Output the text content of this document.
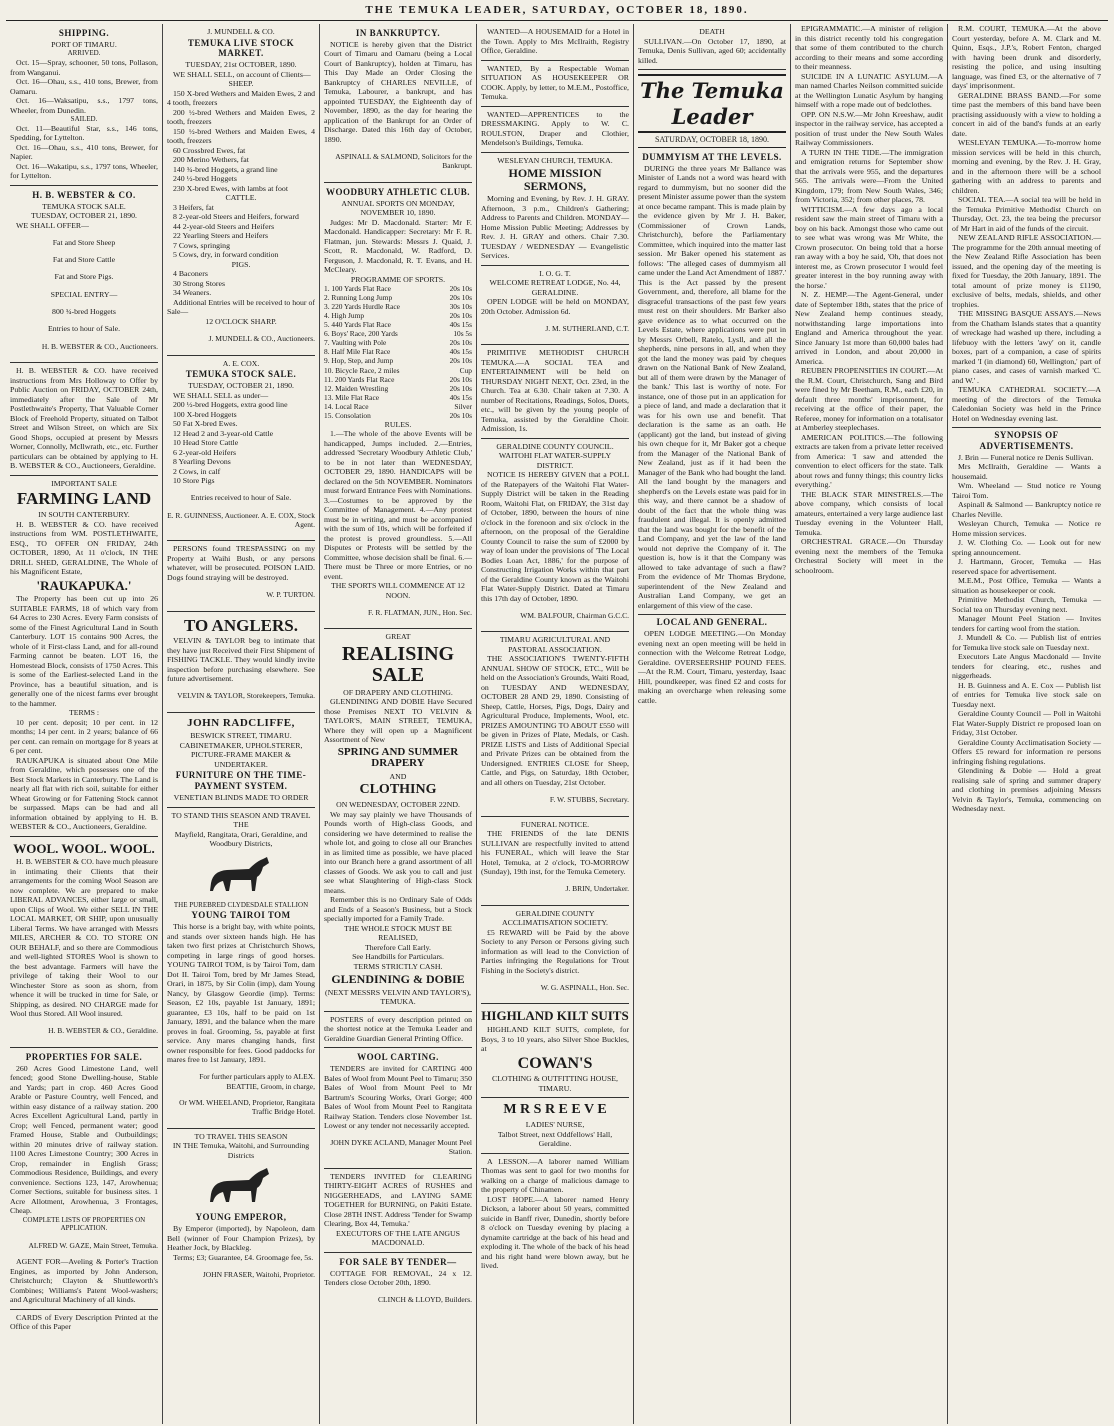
THE TEMUKA LEADER, SATURDAY, OCTOBER 18, 1890.
SHIPPING.
PORT OF TIMARU.
ARRIVED.

Oct. 15—Spray, schooner, 50 tons, Pollason, from Wanganui.

Oct. 16—Ohau, s.s., 410 tons, Brewer, from Oamaru.

Oct. 16—Waksatipu, s.s., 1797 tons, Wheeler, from Dunedin.

SAILED.

Oct. 11—Beautiful Star, s.s., 146 tons, Spedding, for Lyttelton.

Oct. 16—Ohau, s.s., 410 tons, Brewer, for Napier.

Oct. 16—Wakatipu, s.s., 1797 tons, Wheeler, for Lyttelton.

H. B. WEBSTER & CO.
TEMUKA STOCK SALE.
TUESDAY, OCTOBER 21, 1890.

WE SHALL OFFER—

Fat and Store Sheep

Fat and Store Cattle

Fat and Store Pigs.

SPECIAL ENTRY—

800 ¾-bred Hoggets

Entries to hour of Sale.

H. B. WEBSTER & CO., Auctioneers.

H. B. WEBSTER & CO. have received instructions from Mrs Holloway to Offer by Public Auction on FRIDAY, OCTOBER 24th, immediately after the Sale of Mr Postlethwaite's Property, That Valuable Corner Block of Freehold Property, situated on Talbot Street and Wilson Street, on which are Six Good Shops, occupied at present by Messrs Worner, Connolly, McIlwrath, etc., etc. Further particulars can be obtained by applying to H. B. WEBSTER & CO., Auctioneers, Geraldine.

IMPORTANT SALE
FARMING LAND
IN SOUTH CANTERBURY.

H. B. WEBSTER & CO. have received instructions from WM. POSTLETHWAITE, ESQ., TO OFFER ON FRIDAY, 24th OCTOBER, 1890, At 11 o'clock, IN THE DRILL SHED, GERALDINE, The Whole of his Magnificent Estate,

'RAUKAPUKA.'

The Property has been cut up into 26 SUITABLE FARMS, 18 of which vary from 64 Acres to 230 Acres. Every Farm consists of some of the Finest Agricultural Land in South Canterbury. LOT 15 contains 900 Acres, the whole of it First-class Land, and for all-round Farming cannot be beaten. LOT 16, the Homestead Block, consists of 1750 Acres. This is some of the Earliest-selected Land in the Province, has a beautiful situation, and is generally one of the nicest farms ever brought to the hammer.

TERMS :

10 per cent. deposit; 10 per cent. in 12 months; 14 per cent. in 2 years; balance of 66 per cent. can remain on mortgage for 8 years at 6 per cent.

RAUKAPUKA is situated about One Mile from Geraldine, which possesses one of the Best Stock Markets in Canterbury. The Land is nearly all flat with rich soil, suitable for either Wheat Growing or for Fattening Stock cannot be surpassed. Maps can be had and all information obtained by applying to H. B. WEBSTER & CO., Auctioneers, Geraldine.

WOOL. WOOL. WOOL.

H. B. WEBSTER & CO. have much pleasure in intimating their Clients that their arrangements for the coming Wool Season are now complete. We are prepared to make LIBERAL ADVANCES, either large or small, upon Clips of Wool. We either SELL IN THE LOCAL MARKET, OR SHIP, upon unusually Liberal Terms. We have arranged with Messrs MILES, ARCHER & CO. TO STORE ON OUR BEHALF, and so there are Commodious and well-lighted STORES Wool is shown to the best advantage. Farmers will have the privilege of taking their Wool to our Winchester Store as soon as shorn, from whence it will be trucked in time for Sale, or Shipping, as desired. NO CHARGE made for Wool thus Stored. All Wool insured.

H. B. WEBSTER & CO., Geraldine.

PROPERTIES FOR SALE.

260 Acres Good Limestone Land, well fenced; good Stone Dwelling-house, Stable and Yards; part in crop. 460 Acres Good Arable or Pasture Country, well Fenced, and within easy distance of a railway station. 200 Acres Excellent Agricultural Land, partly in Crop; well Fenced, permanent water; good Framed House, Stable and Outbuildings; within 20 minutes drive of railway station. 1100 Acres Limestone Country; 300 Acres in Crop, remainder in English Grass; Commodious Residence, Buildings, and every convenience. Sections 123, 147, Arowhenua; Corner Sections, suitable for business sites. 1 Acre Allotment, Arowhenua, 3 Frontages, Cheap.

COMPLETE LISTS OF PROPERTIES ON APPLICATION.

ALFRED W. GAZE, Main Street, Temuka.

AGENT FOR—Aveling & Porter's Traction Engines, as imported by John Anderson, Christchurch; Clayton & Shuttleworth's Combines; Williams's Patent Wool-washers; and Agricultural Machinery of all kinds.

CARDS of Every Description Printed at the Office of this Paper

J. MUNDELL & CO.
TEMUKA LIVE STOCK MARKET.
TUESDAY, 21st OCTOBER, 1890.

WE SHALL SELL, on account of Clients—

SHEEP.

150 X-bred Wethers and Maiden Ewes, 2 and 4 tooth, freezers

200 ½-bred Wethers and Maiden Ewes, 2 tooth, freezers

150 ½-bred Wethers and Maiden Ewes, 4 tooth, freezers

60 Crossbred Ewes, fat

200 Merino Wethers, fat

140 ¾-bred Hoggets, a grand line

240 ½-bred Hoggets

230 X-bred Ewes, with lambs at foot

CATTLE.

3 Heifers, fat

8 2-year-old Steers and Heifers, forward

44 2-year-old Steers and Heifers

22 Yearling Steers and Heifers

7 Cows, springing

5 Cows, dry, in forward condition

PIGS.

4 Baconers

30 Strong Stores

34 Weaners.

Additional Entries will be received to hour of Sale—

12 O'CLOCK SHARP.

J. MUNDELL & CO., Auctioneers.

A. E. COX.
TEMUKA STOCK SALE.
TUESDAY, OCTOBER 21, 1890.

WE SHALL SELL as under—

200 ½-bred Hoggets, extra good line

100 X-bred Hoggets

50 Fat X-bred Ewes.

12 Head 2 and 3-year-old Cattle

10 Head Store Cattle

6 2-year-old Heifers

8 Yearling Devons

2 Cows, in calf

10 Store Pigs

Entries received to hour of Sale.

E. R. GUINNESS, Auctioneer. A. E. COX, Stock Agent.

PERSONS found TRESPASSING on my Property at Waihi Bush, or any persons whatever, will be prosecuted. POISON LAID. Dogs found straying will be destroyed.

W. P. TURTON.

TO ANGLERS.

VELVIN & TAYLOR beg to intimate that they have just Received their First Shipment of FISHING TACKLE. They would kindly invite inspection before purchasing elsewhere. See future advertisement.

VELVIN & TAYLOR, Storekeepers, Temuka.

JOHN RADCLIFFE,
BESWICK STREET, TIMARU.
CABINETMAKER, UPHOLSTERER, PICTURE-FRAME MAKER & UNDERTAKER.
FURNITURE ON THE TIME-PAYMENT SYSTEM.
VENETIAN BLINDS MADE TO ORDER
TO STAND THIS SEASON AND TRAVEL THE
Mayfield, Rangitata, Orari, Geraldine, and Woodbury Districts,
THE PUREBRED CLYDESDALE STALLION
YOUNG TAIROI TOM

This horse is a bright bay, with white points, and stands over sixteen hands high. He has taken two first prizes at Christchurch Shows, competing in large rings of good horses. YOUNG TAIROI TOM, is by Tairoi Tom, dam Dot II. Tairoi Tom, bred by Mr James Stead, Orari, in 1875, by Sir Colin (imp), dam Young Nancy, by Glasgow Geordie (imp). Terms: Season, £2 10s, payable 1st January, 1891; guarantee, £3 10s, half to be paid on 1st January, 1891, and the balance when the mare proves in foal. Grooming, 5s, payable at first service. Any mares changing hands, first owner responsible for fees. Good paddocks for mares free to 1st January, 1891.

For further particulars apply to ALEX. BEATTIE, Groom, in charge,

Or WM. WHEELAND, Proprietor, Rangitata Traffic Bridge Hotel.

TO TRAVEL THIS SEASON
IN THE Temuka, Waitohi, and Surrounding Districts
YOUNG EMPEROR,

By Emperor (imported), by Napoleon, dam Bell (winner of Four Champion Prizes), by Heather Jock, by Blackleg.

Terms; £3; Guarantee, £4. Groomage fee, 5s.

JOHN FRASER, Waitohi, Proprietor.

IN BANKRUPTCY.

NOTICE is hereby given that the District Court of Timaru and Oamaru (being a Local Court of Bankruptcy), holden at Timaru, has This Day Made an Order Closing the Bankruptcy of CHARLES NEVILLE, of Temuka, Labourer, a bankrupt, and has appointed TUESDAY, the Eighteenth day of November, 1890, as the day for hearing the application of the Bankrupt for an Order of Discharge. Dated this 16th day of October, 1890.

ASPINALL & SALMOND, Solicitors for the Bankrupt.

WOODBURY ATHLETIC CLUB.
ANNUAL SPORTS ON MONDAY, NOVEMBER 10, 1890.

Judges: Mr D. Macdonald. Starter: Mr F. Macdonald. Handicapper: Secretary: Mr F. R. Flatman, jun. Stewards: Messrs J. Quaid, J. Scott, R. Macdonald, W. Radford, D. Ferguson, J. Macdonald, R. T. Evans, and H. McCleary.

PROGRAMME OF SPORTS.
1. 100 Yards Flat Race	20s 10s
2. Running Long Jump	20s 10s
3. 220 Yards Hurdle Race	30s 10s
4. High Jump	20s 10s
5. 440 Yards Flat Race	40s 15s
6. Boys' Race, 200 Yards	10s 5s
7. Vaulting with Pole	20s 10s
8. Half Mile Flat Race	40s 15s
9. Hop, Step, and Jump	20s 10s
10. Bicycle Race, 2 miles	Cup
11. 200 Yards Flat Race	20s 10s
12. Maiden Wrestling	20s 10s
13. Mile Flat Race	40s 15s
14. Local Race	Silver
15. Consolation	20s 10s
RULES.

1.—The whole of the above Events will be handicapped, Jumps included. 2.—Entries, addressed 'Secretary Woodbury Athletic Club,' to be in not later than WEDNESDAY, OCTOBER 29, 1890. HANDICAPS will be declared on the 5th NOVEMBER. Nominators must forward Entrance Fees with Nominations. 3.—Costumes to be approved by the Committee of Management. 4.—Any protest must be in writing, and must be accompanied with the sum of 10s, which will be forfeited if the protest is proved groundless. 5.—All Disputes or Protests will be settled by the Committee, whose decision shall be final. 6.—There must be Three or more Entries, or no event.

THE SPORTS WILL COMMENCE AT 12 NOON.

F. R. FLATMAN, JUN., Hon. Sec.

GREAT
REALISING SALE
OF DRAPERY AND CLOTHING.

GLENDINING AND DOBIE Have Secured those Premises NEXT TO VELVIN & TAYLOR'S, MAIN STREET, TEMUKA, Where they will open up a Magnificent Assortment of New

SPRING AND SUMMER DRAPERY
AND
CLOTHING
ON WEDNESDAY, OCTOBER 22ND.

We may say plainly we have Thousands of Pounds worth of High-class Goods, and considering we have determined to realise the whole lot, and going to close all our Branches in as limited time as possible, we have placed into our Branch here a grand assortment of all classes of Goods. We ask you to call and just see what Slaughtering of High-class Stock means.

Remember this is no Ordinary Sale of Odds and Ends of a Season's Business, but a Stock specially imported for a Family Trade.

THE WHOLE STOCK MUST BE REALISED,
Therefore Call Early.
See Handbills for Particulars.
TERMS STRICTLY CASH.
GLENDINING & DOBIE
(NEXT MESSRS VELVIN AND TAYLOR'S), TEMUKA.

POSTERS of every description printed on the shortest notice at the Temuka Leader and Geraldine Guardian General Printing Office.

WOOL CARTING.

TENDERS are invited for CARTING 400 Bales of Wool from Mount Peel to Timaru; 350 Bales of Wool from Mount Peel to Mr Bartrum's Scouring Works, Orari Gorge; 400 Bales of Wool from Mount Peel to Rangitata Railway Station. Tenders close November 1st. Lowest or any tender not necessarily accepted.

JOHN DYKE ACLAND, Manager Mount Peel Station.

TENDERS INVITED for CLEARING THIRTY-EIGHT ACRES of RUSHES and NIGGERHEADS, and LAYING SAME TOGETHER for BURNING, on Pakiti Estate. Close 28TH INST. Address 'Tender for Swamp Clearing, Box 44, Temuka.'

EXECUTORS OF THE LATE ANGUS MACDONALD.
FOR SALE BY TENDER—

COTTAGE FOR REMOVAL, 24 x 12. Tenders close October 20th, 1890.

CLINCH & LLOYD, Builders.

WANTED—A HOUSEMAID for a Hotel in the Town. Apply to Mrs McIlraith, Registry Office, Geraldine.

WANTED, By a Respectable Woman SITUATION AS HOUSEKEEPER OR COOK. Apply, by letter, to M.E.M., Postoffice, Temuka.

WANTED—APPRENTICES to the DRESSMAKING. Apply to W. C. ROULSTON, Draper and Clothier, Mendelson's Buildings, Temuka.

WESLEYAN CHURCH, TEMUKA.
HOME MISSION SERMONS,

Morning and Evening, by Rev. J. H. GRAY. Afternoon, 3 p.m., Children's Gathering; Address to Parents and Children. MONDAY—Home Mission Public Meeting; Addresses by Rev. J. H. GRAY and others. Chair 7.30. TUESDAY / WEDNESDAY — Evangelistic Services.

I. O. G. T.
WELCOME RETREAT LODGE, No. 44, GERALDINE.

OPEN LODGE will be held on MONDAY, 20th October. Admission 6d.

J. M. SUTHERLAND, C.T.

PRIMITIVE METHODIST CHURCH TEMUKA.—A SOCIAL TEA and ENTERTAINMENT will be held on THURSDAY NIGHT NEXT, Oct. 23rd, in the Church. Tea at 6.30. Chair taken at 7.30. A number of Recitations, Readings, Solos, Duets, etc., will be given by the young people of Temuka, assisted by the Geraldine Choir. Admission, 1s.

GERALDINE COUNTY COUNCIL.
WAITOHI FLAT WATER-SUPPLY DISTRICT.

NOTICE IS HEREBY GIVEN that a POLL of the Ratepayers of the Waitohi Flat Water-Supply District will be taken in the Reading Room, Waitohi Flat, on FRIDAY, the 31st day of October, 1890, between the hours of nine o'clock in the forenoon and six o'clock in the afternoon, on the proposal of the Geraldine County Council to raise the sum of £2000 by way of loan under the provisions of 'The Local Bodies Loan Act, 1886,' for the purpose of Constructing Irrigation Works within that part of the Geraldine County known as the Waitohi Flat Water-Supply District. Dated at Timaru this 17th day of October, 1890.

WM. BALFOUR, Chairman G.C.C.

TIMARU AGRICULTURAL AND PASTORAL ASSOCIATION.

THE ASSOCIATION'S TWENTY-FIFTH ANNUAL SHOW OF STOCK, ETC., Will be held on the Association's Grounds, Waiti Road, on TUESDAY AND WEDNESDAY, OCTOBER 28 AND 29, 1890. Consisting of Sheep, Cattle, Horses, Pigs, Dogs, Dairy and Agricultural Produce, Implements, Wool, etc. PRIZES AMOUNTING TO ABOUT £550 will be given in Prizes of Plate, Medals, or Cash. PRIZE LISTS and Lists of Additional Special and Private Prizes can be obtained from the Undersigned. ENTRIES CLOSE for Sheep, Cattle, and Pigs, on Saturday, 18th October, and all others on Tuesday, 21st October.

F. W. STUBBS, Secretary.

FUNERAL NOTICE.

THE FRIENDS of the late DENIS SULLIVAN are respectfully invited to attend his FUNERAL, which will leave the Star Hotel, Temuka, at 2 o'clock, TO-MORROW (Sunday), 19th inst, for the Temuka Cemetery.

J. BRIN, Undertaker.

GERALDINE COUNTY ACCLIMATISATION SOCIETY.

£5 REWARD will be Paid by the above Society to any Person or Persons giving such information as will lead to the Conviction of Parties infringing the Regulations for Trout Fishing in the Society's district.

W. G. ASPINALL, Hon. Sec.

HIGHLAND KILT SUITS

HIGHLAND KILT SUITS, complete, for Boys, 3 to 10 years, also Silver Shoe Buckles, at

COWAN'S
CLOTHING & OUTFITTING HOUSE, TIMARU.
M R S R E E V E
LADIES' NURSE,
Talbot Street, next Oddfellows' Hall, Geraldine.

A LESSON.—A laborer named William Thomas was sent to gaol for two months for walking on a charge of malicious damage to the property of Chinamen.

LOST HOPE.—A laborer named Henry Dickson, a laborer about 50 years, committed suicide in Banff river, Dunedin, shortly before 8 o'clock on Tuesday evening by placing a dynamite cartridge at the back of his head and exploding it. The whole of the back of his head and his right hand were blown away, but he lived.

DEATH

SULLIVAN.—On October 17, 1890, at Temuka, Denis Sullivan, aged 60; accidentally killed.

The Temuka Leader
SATURDAY, OCTOBER 18, 1890.
DUMMYISM AT THE LEVELS.

DURING the three years Mr Ballance was Minister of Lands not a word was heard with regard to dummyism, but no sooner did the present Minister assume power than the system at once became rampant. This is made plain by the evidence given by Mr J. H. Baker, (Commissioner of Crown Lands, Christchurch), before the Parliamentary Committee, which inquired into the matter last session. Mr Baker opened his statement as follows: 'The alleged cases of dummyism all came under the Land Act Amendment of 1887.' This is the Act passed by the present Government, and, therefore, all blame for the disgraceful transactions of the past few years must rest on their shoulders. Mr Barker also gave evidence as to what occurred on the Levels Estate, where applications were put in by Messrs Orbell, Ratelo, Lysll, and all the shepherds, nine persons in all, and when they got the land the money was paid 'by cheques drawn on the National Bank of New Zealand, but all of them were drawn by the Manager of the bank.' This last is worthy of note. For instance, one of those put in an application for a piece of land, and made a declaration that it was for his own use and benefit. That declaration is the same as an oath. He (applicant) got the land, but instead of giving his own cheque for it, Mr Baker got a cheque from the Manager of the National Bank of New Zealand, just as if it had been the Manager of the Bank who had bought the land. All the land bought by the managers and shepherd's on the Levels estate was paid for in this way, and there cannot be a shadow of doubt of the fact that the whole thing was fraudulent and illegal. It is openly admitted that the land was bought for the benefit of the Land Company, and yet the law of the land would not deprive the Company of it. The question is, how is it that the Company was allowed to take advantage of such a flaw? From the evidence of Mr Thomas Brydone, superintendent of the New Zealand and Australian Land Company, we get an enlargement of this view of the case.

LOCAL AND GENERAL.

OPEN LODGE MEETING.—On Monday evening next an open meeting will be held in connection with the Welcome Retreat Lodge, Geraldine. OVERSEERSHIP POUND FEES.—At the R.M. Court, Timaru, yesterday, Isaac Hill, poundkeeper, was fined £2 and costs for making an overcharge when releasing some cattle.

EPIGRAMMATIC.—A minister of religion in this district recently told his congregation that some of them contributed to the church according to their means and some according to their meanness.

SUICIDE IN A LUNATIC ASYLUM.—A man named Charles Neilson committed suicide at the Wellington Lunatic Asylum by hanging himself with a rope made out of bedclothes.

OPP. ON N.S.W.—Mr John Kreeshaw, audit inspector in the railway service, has accepted a position of trust under the New South Wales Railway Commissioners.

A TURN IN THE TIDE.—The immigration and emigration returns for September show that the arrivals were 955, and the departures 565. The arrivals were—From the United Kingdom, 179; from New South Wales, 346; from Victoria, 352; from other places, 78.

WITTICISM.—A few days ago a local resident saw the main street of Timaru with a boy on his back. Amongst those who came out to see what was wrong was Mr White, the Crown prosecutor. On being told that a horse ran away with a boy he said, 'Oh, that does not interest me, as Crown prosecutor I would feel greater interest in the boy running away with the horse.'

N. Z. HEMP.—The Agent-General, under date of September 18th, states that the price of New Zealand hemp continues steady, notwithstanding large importations into England and America throughout the year. Since January 1st more than 60,000 bales had arrived in London, and about 20,000 in America.

REUBEN PROPENSITIES IN COURT.—At the R.M. Court, Christchurch, Sang and Bird were fined by Mr Beetham, R.M., each £20, in default three months' imprisonment, for receiving at the office of their paper, the Referee, money for information on a totalisator at Amberley steeplechases.

AMERICAN POLITICS.—The following extracts are taken from a private letter received from America: 'I saw and attended the convention to elect officers for the state. Talk about rows and funny things; this country licks everything.'

THE BLACK STAR MINSTRELS.—The above company, which consists of local amateurs, entertained a very large audience last Tuesday evening in the Volunteer Hall, Temuka.

ORCHESTRAL GRACE.—On Thursday evening next the members of the Temuka Orchestral Society will meet in the schoolroom.

R.M. COURT, TEMUKA.—At the above Court yesterday, before A. M. Clark and M. Quinn, Esqs., J.P.'s, Robert Fenton, charged with having been drunk and disorderly, resisting the police, and using insulting language, was fined £3, or the alternative of 7 days' imprisonment.

GERALDINE BRASS BAND.—For some time past the members of this band have been practising assiduously with a view to holding a concert in aid of the band's funds at an early date.

WESLEYAN TEMUKA.—To-morrow home mission services will be held in this church, morning and evening, by the Rev. J. H. Gray, and in the afternoon there will be a school gathering with an address to parents and children.

SOCIAL TEA.—A social tea will be held in the Temuka Primitive Methodist Church on Thursday, Oct. 23, the tea being the precursor of Mr Hart in aid of the funds of the circuit.

NEW ZEALAND RIFLE ASSOCIATION.—The programme for the 20th annual meeting of the New Zealand Rifle Association has been issued, and the opening day of the meeting is fixed for Tuesday, the 20th January, 1891. The total amount of prize money is £1190, exclusive of belts, medals, shields, and other trophies.

THE MISSING BASQUE ASSAYS.—News from the Chatham Islands states that a quantity of wreckage had washed up there, including a lifebuoy with the letters 'awy' on it, candle boxes, part of a companion, a case of spirits marked 'I (in diamond) 60, Wellington,' part of piano cases, and cases of varnish marked 'C. and W.' .

TEMUKA CATHEDRAL SOCIETY.—A meeting of the directors of the Temuka Caledonian Society was held in the Prince Hotel on Wednesday evening last.

SYNOPSIS OF ADVERTISEMENTS.

J. Brin — Funeral notice re Denis Sullivan.

Mrs McIlraith, Geraldine — Wants a housemaid.

Wm. Wheeland — Stud notice re Young Tairoi Tom.

Aspinall & Salmond — Bankruptcy notice re Charles Neville.

Wesleyan Church, Temuka — Notice re Home mission services.

J. W. Clothing Co. — Look out for new spring announcement.

J. Hartmann, Grocer, Temuka — Has reserved space for advertisement.

M.E.M., Post Office, Temuka — Wants a situation as housekeeper or cook.

Primitive Methodist Church, Temuka — Social tea on Thursday evening next.

Manager Mount Peel Station — Invites tenders for carting wool from the station.

J. Mundell & Co. — Publish list of entries for Temuka live stock sale on Tuesday next.

Executors Late Angus Macdonald — Invite tenders for clearing, etc., rushes and niggerheads.

H. B. Guinness and A. E. Cox — Publish list of entries for Temuka live stock sale on Tuesday next.

Geraldine County Council — Poll in Waitohi Flat Water-Supply District re proposed loan on Friday, 31st October.

Geraldine County Acclimatisation Society — Offers £5 reward for information re persons infringing fishing regulations.

Glendining & Dobie — Hold a great realising sale of spring and summer drapery and clothing in premises adjoining Messrs Velvin & Taylor's, Temuka, commencing on Wednesday next.
